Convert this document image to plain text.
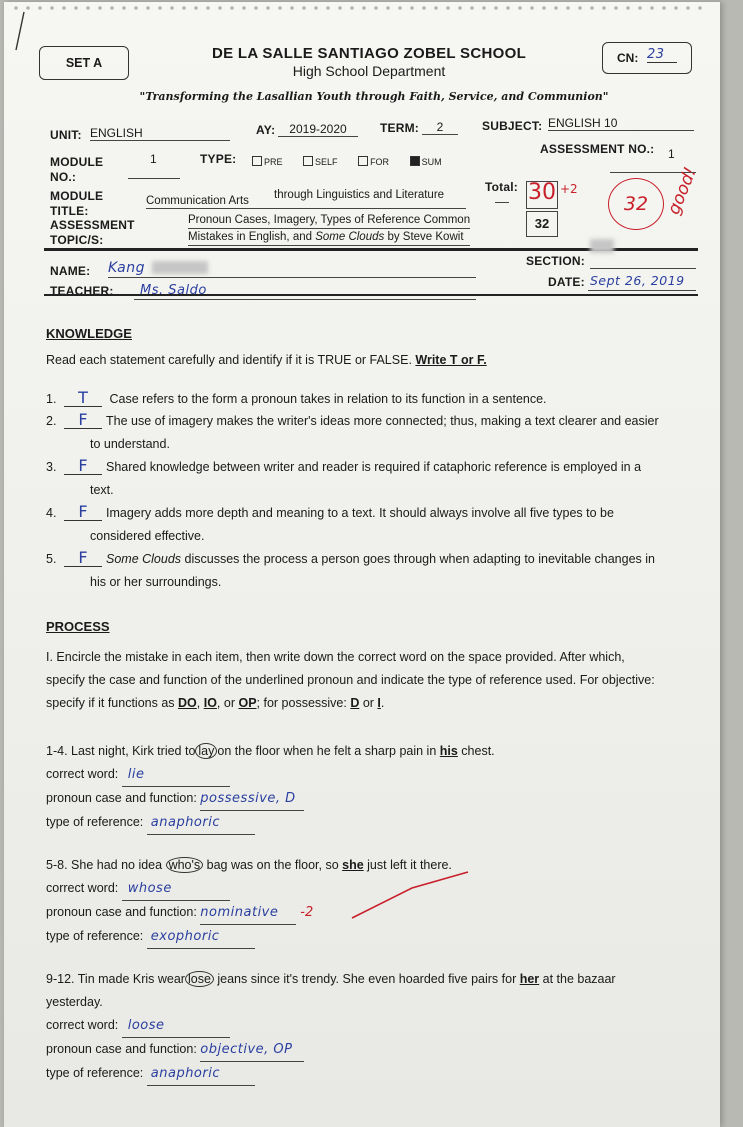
SET A
DE LA SALLE SANTIAGO ZOBEL SCHOOL
High School Department
CN: 23
"Transforming the Lasallian Youth through Faith, Service, and Communion"
UNIT: ENGLISH	AY:	2019-2020	TERM:	2	SUBJECT: ENGLISH 10
MODULE
NO.:
1	TYPE:	PRE	SELF	FOR	SUM
ASSESSMENT NO.: 1
MODULE
TITLE:
Communication Arts through Linguistics and Literature
Total: 30 +2
32
32 good!
ASSESSMENT
TOPIC/S:
Pronoun Cases, Imagery, Types of Reference Common
Mistakes in English, and Some Clouds by Steve Kowit
NAME: Kang
TEACHER:	Ms. Saldo
SECTION:
DATE: Sept 26, 2019
KNOWLEDGE
Read each statement carefully and identify if it is TRUE or FALSE. Write T or F.
1. T Case refers to the form a pronoun takes in relation to its function in a sentence.
2. F The use of imagery makes the writer's ideas more connected; thus, making a text clearer and easier
to understand.
3. F Shared knowledge between writer and reader is required if cataphoric reference is employed in a
text.
4. F Imagery adds more depth and meaning to a text. It should always involve all five types to be
considered effective.
5. F Some Clouds discusses the process a person goes through when adapting to inevitable changes in
his or her surroundings.
PROCESS
I. Encircle the mistake in each item, then write down the correct word on the space provided. After which,
specify the case and function of the underlined pronoun and indicate the type of reference used. For objective:
specify if it functions as DO, IO, or OP; for possessive: D or I.
1-4. Last night, Kirk tried to lay on the floor when he felt a sharp pain in his chest.
correct word: lie
pronoun case and function: possessive, D
type of reference: anaphoric
5-8. She had no idea who's bag was on the floor, so she just left it there.
correct word: whose
pronoun case and function: nominative -2
type of reference: exophoric
9-12. Tin made Kris wear lose jeans since it's trendy. She even hoarded five pairs for her at the bazaar
yesterday.
correct word: loose
pronoun case and function: objective, OP
type of reference: anaphoric
